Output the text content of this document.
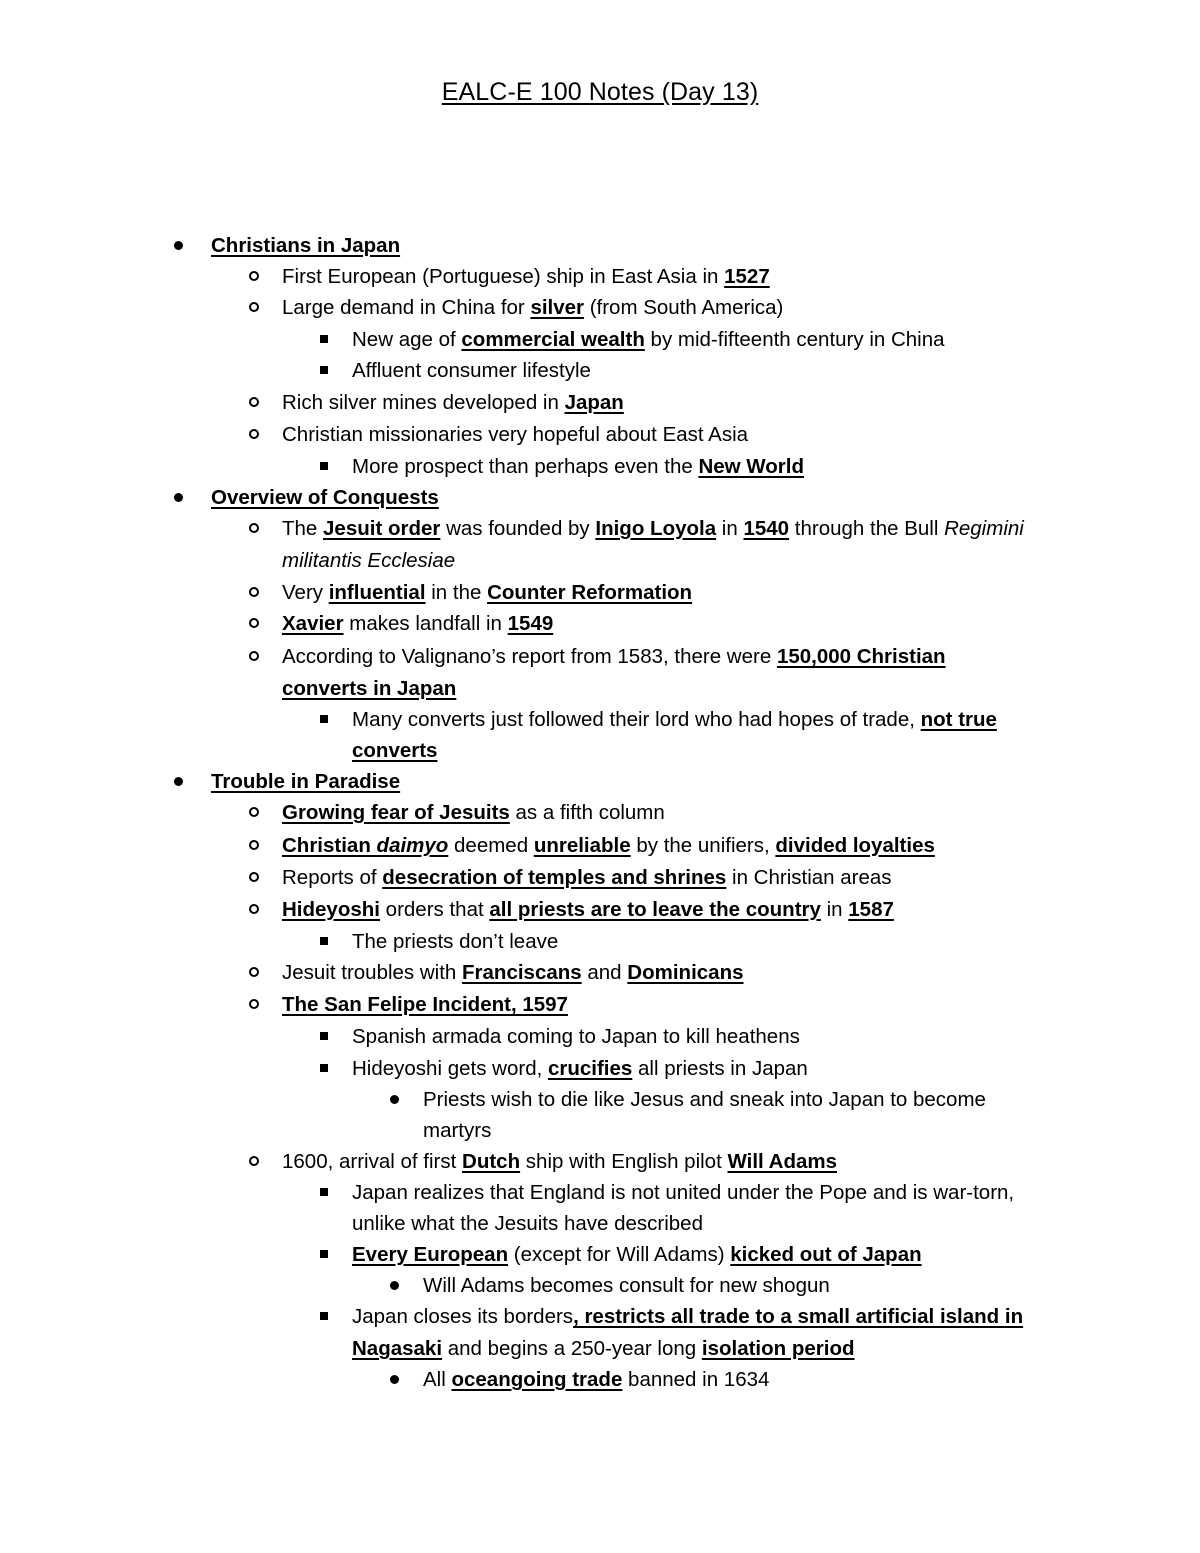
EALC-E 100 Notes (Day 13)
Christians in Japan
First European (Portuguese) ship in East Asia in 1527
Large demand in China for silver (from South America)
New age of commercial wealth by mid-fifteenth century in China
Affluent consumer lifestyle
Rich silver mines developed in Japan
Christian missionaries very hopeful about East Asia
More prospect than perhaps even the New World
Overview of Conquests
The Jesuit order was founded by Inigo Loyola in 1540 through the Bull Regimini
militantis Ecclesiae
Very influential in the Counter Reformation
Xavier makes landfall in 1549
According to Valignano’s report from 1583, there were 150,000 Christian
converts in Japan
Many converts just followed their lord who had hopes of trade, not true
converts
Trouble in Paradise
Growing fear of Jesuits as a fifth column
Christian daimyo deemed unreliable by the unifiers, divided loyalties
Reports of desecration of temples and shrines in Christian areas
Hideyoshi orders that all priests are to leave the country in 1587
The priests don’t leave
Jesuit troubles with Franciscans and Dominicans
The San Felipe Incident, 1597
Spanish armada coming to Japan to kill heathens
Hideyoshi gets word, crucifies all priests in Japan
Priests wish to die like Jesus and sneak into Japan to become
martyrs
1600, arrival of first Dutch ship with English pilot Will Adams
Japan realizes that England is not united under the Pope and is war-torn,
unlike what the Jesuits have described
Every European (except for Will Adams) kicked out of Japan
Will Adams becomes consult for new shogun
Japan closes its borders, restricts all trade to a small artificial island in
Nagasaki and begins a 250-year long isolation period
All oceangoing trade banned in 1634
